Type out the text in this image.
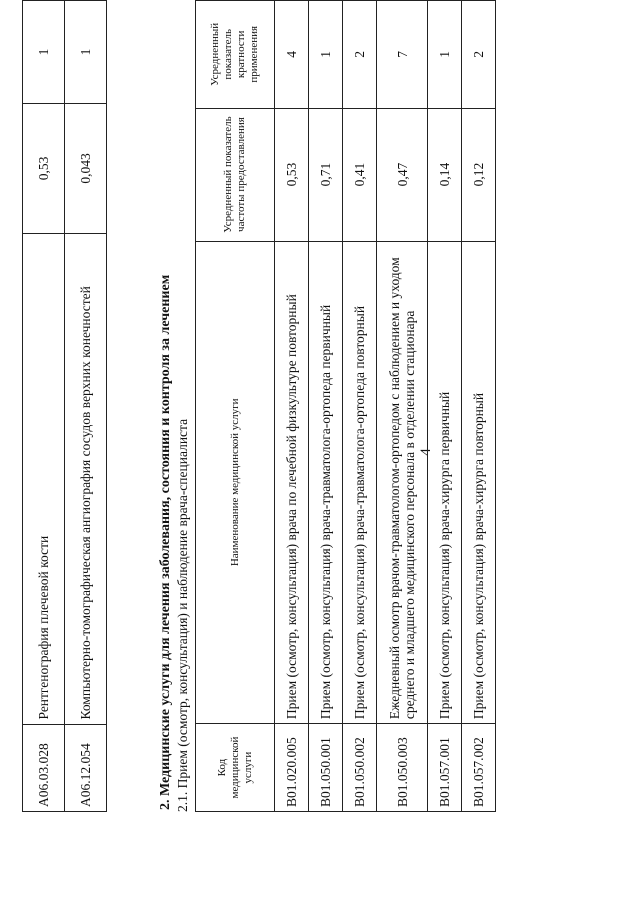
4
A06.03.028	Рентгенография плечевой кости	0,53	1
A06.12.054	Компьютерно-томографическая ангиография сосудов верхних конечностей	0,043	1
2. Медицинские услуги для лечения заболевания, состояния и контроля за лечением 2.1. Прием (осмотр, консультация) и наблюдение врача-специалиста Код медицинской услуги	Наименование медицинской услуги	Усредненный показатель частоты предоставления	Усредненный показатель кратности применения
B01.020.005	Прием (осмотр, консультация) врача по лечебной физкультуре повторный	0,53	4
B01.050.001	Прием (осмотр, консультация) врача-травматолога-ортопеда первичный	0,71	1
B01.050.002	Прием (осмотр, консультация) врача-травматолога-ортопеда повторный	0,41	2
B01.050.003	Ежедневный осмотр врачом-травматологом-ортопедом с наблюдением и уходом среднего и младшего медицинского персонала в отделении стационара	0,47	7
B01.057.001	Прием (осмотр, консультация) врача-хирурга первичный	0,14	1
B01.057.002	Прием (осмотр, консультация) врача-хирурга повторный	0,12	2
